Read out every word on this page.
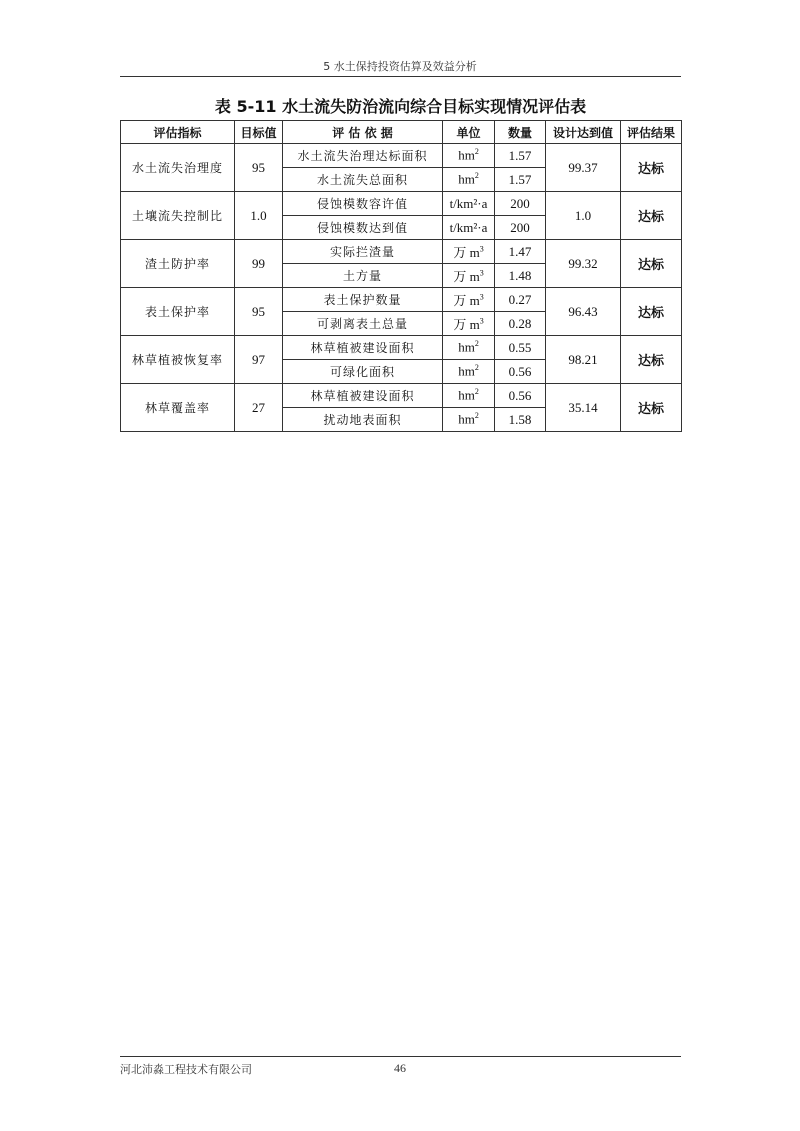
5 水土保持投资估算及效益分析
表 5-11 水土流失防治流向综合目标实现情况评估表
评估指标	目标值	评 估 依 据	单位	数量	设计达到值	评估结果
水土流失治理度	95	水土流失治理达标面积	$hm^2$	1.57	99.37	达标
		水土流失总面积	$hm^2$	1.57		
土壤流失控制比	1.0	侵蚀模数容许值	t/km²·a	200	1.0	达标
		侵蚀模数达到值	t/km²·a	200		
渣土防护率	99	实际拦渣量	万 $m^3$	1.47	99.32	达标
		土方量	万 $m^3$	1.48		
表土保护率	95	表土保护数量	万 $m^3$	0.27	96.43	达标
		可剥离表土总量	万 $m^3$	0.28		
林草植被恢复率	97	林草植被建设面积	$hm^2$	0.55	98.21	达标
		可绿化面积	$hm^2$	0.56		
林草覆盖率	27	林草植被建设面积	$hm^2$	0.56	35.14	达标
		扰动地表面积	$hm^2$	1.58		
河北沛淼工程技术有限公司	46
